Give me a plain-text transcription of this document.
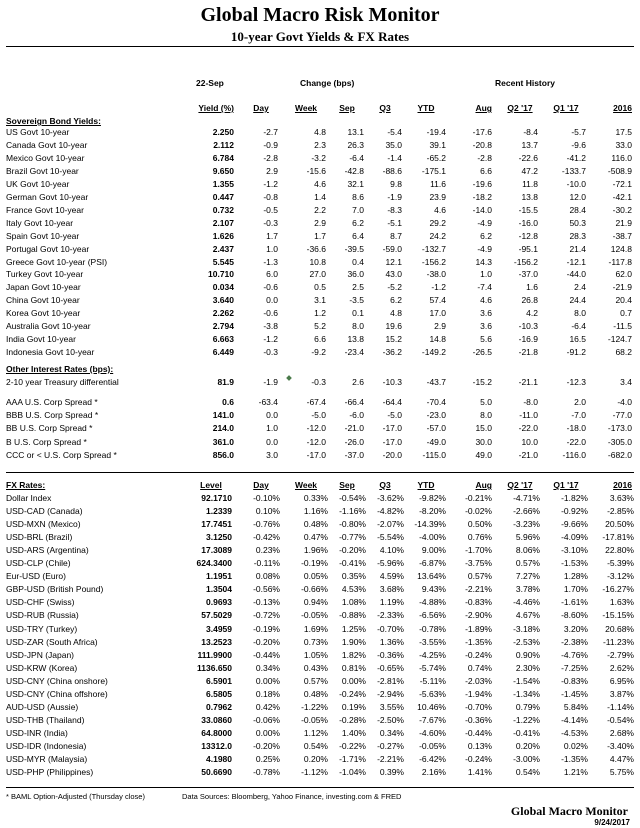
Global Macro Risk Monitor
10-year Govt Yields & FX Rates
22-Sep	Change (bps)	Recent History
Yield (%)	Day	Week	Sep	Q3	YTD	Aug	Q2 '17	Q1 '17	2016
Sovereign Bond Yields:
US Govt 10-year	2.250	-2.7	4.8	13.1	-5.4	-19.4	-17.6	-8.4	-5.7	17.5
Canada Govt 10-year	2.112	-0.9	2.3	26.3	35.0	39.1	-20.8	13.7	-9.6	33.0
Mexico Govt 10-year	6.784	-2.8	-3.2	-6.4	-1.4	-65.2	-2.8	-22.6	-41.2	116.0
Brazil Govt 10-year	9.650	2.9	-15.6	-42.8	-88.6	-175.1	6.6	47.2	-133.7	-508.9
UK Govt 10-year	1.355	-1.2	4.6	32.1	9.8	11.6	-19.6	11.8	-10.0	-72.1
German Govt 10-year	0.447	-0.8	1.4	8.6	-1.9	23.9	-18.2	13.8	12.0	-42.1
France Govt 10-year	0.732	-0.5	2.2	7.0	-8.3	4.6	-14.0	-15.5	28.4	-30.2
Italy Govt 10-year	2.107	-0.3	2.9	6.2	-5.1	29.2	-4.9	-16.0	50.3	21.9
Spain Govt 10-year	1.626	1.7	1.7	6.4	8.7	24.2	6.2	-12.8	28.3	-38.7
Portugal Govt 10-year	2.437	1.0	-36.6	-39.5	-59.0	-132.7	-4.9	-95.1	21.4	124.8
Greece Govt 10-year (PSI)	5.545	-1.3	10.8	0.4	12.1	-156.2	14.3	-156.2	-12.1	-117.8
Turkey Govt 10-year	10.710	6.0	27.0	36.0	43.0	-38.0	1.0	-37.0	-44.0	62.0
Japan Govt 10-year	0.034	-0.6	0.5	2.5	-5.2	-1.2	-7.4	1.6	2.4	-21.9
China Govt 10-year	3.640	0.0	3.1	-3.5	6.2	57.4	4.6	26.8	24.4	20.4
Korea Govt 10-year	2.262	-0.6	1.2	0.1	4.8	17.0	3.6	4.2	8.0	0.7
Australia Govt 10-year	2.794	-3.8	5.2	8.0	19.6	2.9	3.6	-10.3	-6.4	-11.5
India Govt 10-year	6.663	-1.2	6.6	13.8	15.2	14.8	5.6	-16.9	16.5	-124.7
Indonesia Govt 10-year	6.449	-0.3	-9.2	-23.4	-36.2	-149.2	-26.5	-21.8	-91.2	68.2
Other Interest Rates (bps):
2-10 year Treasury differential	81.9	-1.9	-0.3	2.6	-10.3	-43.7	-15.2	-21.1	-12.3	3.4
AAA U.S. Corp Spread *	0.6	-63.4	-67.4	-66.4	-64.4	-70.4	5.0	-8.0	2.0	-4.0
BBB U.S. Corp Spread *	141.0	0.0	-5.0	-6.0	-5.0	-23.0	8.0	-11.0	-7.0	-77.0
BB U.S. Corp Spread *	214.0	1.0	-12.0	-21.0	-17.0	-57.0	15.0	-22.0	-18.0	-173.0
B U.S. Corp Spread *	361.0	0.0	-12.0	-26.0	-17.0	-49.0	30.0	10.0	-22.0	-305.0
CCC or < U.S. Corp Spread *	856.0	3.0	-17.0	-37.0	-20.0	-115.0	49.0	-21.0	-116.0	-682.0
FX Rates:	Level	Day	Week	Sep	Q3	YTD	Aug	Q2 '17	Q1 '17	2016
Dollar Index	92.1710	-0.10%	0.33%	-0.54%	-3.62%	-9.82%	-0.21%	-4.71%	-1.82%	3.63%
USD-CAD (Canada)	1.2339	0.10%	1.16%	-1.16%	-4.82%	-8.20%	-0.02%	-2.66%	-0.92%	-2.85%
USD-MXN (Mexico)	17.7451	-0.76%	0.48%	-0.80%	-2.07%	-14.39%	0.50%	-3.23%	-9.66%	20.50%
USD-BRL (Brazil)	3.1250	-0.42%	0.47%	-0.77%	-5.54%	-4.00%	0.76%	5.96%	-4.09%	-17.81%
USD-ARS (Argentina)	17.3089	0.23%	1.96%	-0.20%	4.10%	9.00%	-1.70%	8.06%	-3.10%	22.80%
USD-CLP (Chile)	624.3400	-0.11%	-0.19%	-0.41%	-5.96%	-6.87%	-3.75%	0.57%	-1.53%	-5.39%
Eur-USD (Euro)	1.1951	0.08%	0.05%	0.35%	4.59%	13.64%	0.57%	7.27%	1.28%	-3.12%
GBP-USD (British Pound)	1.3504	-0.56%	-0.66%	4.53%	3.68%	9.43%	-2.21%	3.78%	1.70%	-16.27%
USD-CHF (Swiss)	0.9693	-0.13%	0.94%	1.08%	1.19%	-4.88%	-0.83%	-4.46%	-1.61%	1.63%
USD-RUB (Russia)	57.5029	-0.72%	-0.05%	-0.88%	-2.33%	-6.56%	-2.90%	4.67%	-8.60%	-15.15%
USD-TRY (Turkey)	3.4959	-0.19%	1.69%	1.25%	-0.70%	-0.78%	-1.89%	-3.18%	3.20%	20.68%
USD-ZAR (South Africa)	13.2523	-0.20%	0.73%	1.90%	1.36%	-3.55%	-1.35%	-2.53%	-2.38%	-11.23%
USD-JPN (Japan)	111.9900	-0.44%	1.05%	1.82%	-0.36%	-4.25%	-0.24%	0.90%	-4.76%	-2.79%
USD-KRW (Korea)	1136.650	0.34%	0.43%	0.81%	-0.65%	-5.74%	0.74%	2.30%	-7.25%	2.62%
USD-CNY (China onshore)	6.5901	0.00%	0.57%	0.00%	-2.81%	-5.11%	-2.03%	-1.54%	-0.83%	6.95%
USD-CNY (China offshore)	6.5805	0.18%	0.48%	-0.24%	-2.94%	-5.63%	-1.94%	-1.34%	-1.45%	3.87%
AUD-USD (Aussie)	0.7962	0.42%	-1.22%	0.19%	3.55%	10.46%	-0.70%	0.79%	5.84%	-1.14%
USD-THB (Thailand)	33.0860	-0.06%	-0.05%	-0.28%	-2.50%	-7.67%	-0.36%	-1.22%	-4.14%	-0.54%
USD-INR (India)	64.8000	0.00%	1.12%	1.40%	0.34%	-4.60%	-0.44%	-0.41%	-4.53%	2.68%
USD-IDR (Indonesia)	13312.0	-0.20%	0.54%	-0.22%	-0.27%	-0.05%	0.13%	0.20%	0.02%	-3.40%
USD-MYR (Malaysia)	4.1980	0.25%	0.20%	-1.71%	-2.21%	-6.42%	-0.24%	-3.00%	-1.35%	4.47%
USD-PHP (Philippines)	50.6690	-0.78%	-1.12%	-1.04%	0.39%	2.16%	1.41%	0.54%	1.21%	5.75%
* BAML Option-Adjusted (Thursday close)	Data Sources: Bloomberg, Yahoo Finance, investing.com & FRED
Global Macro Monitor
9/24/2017
